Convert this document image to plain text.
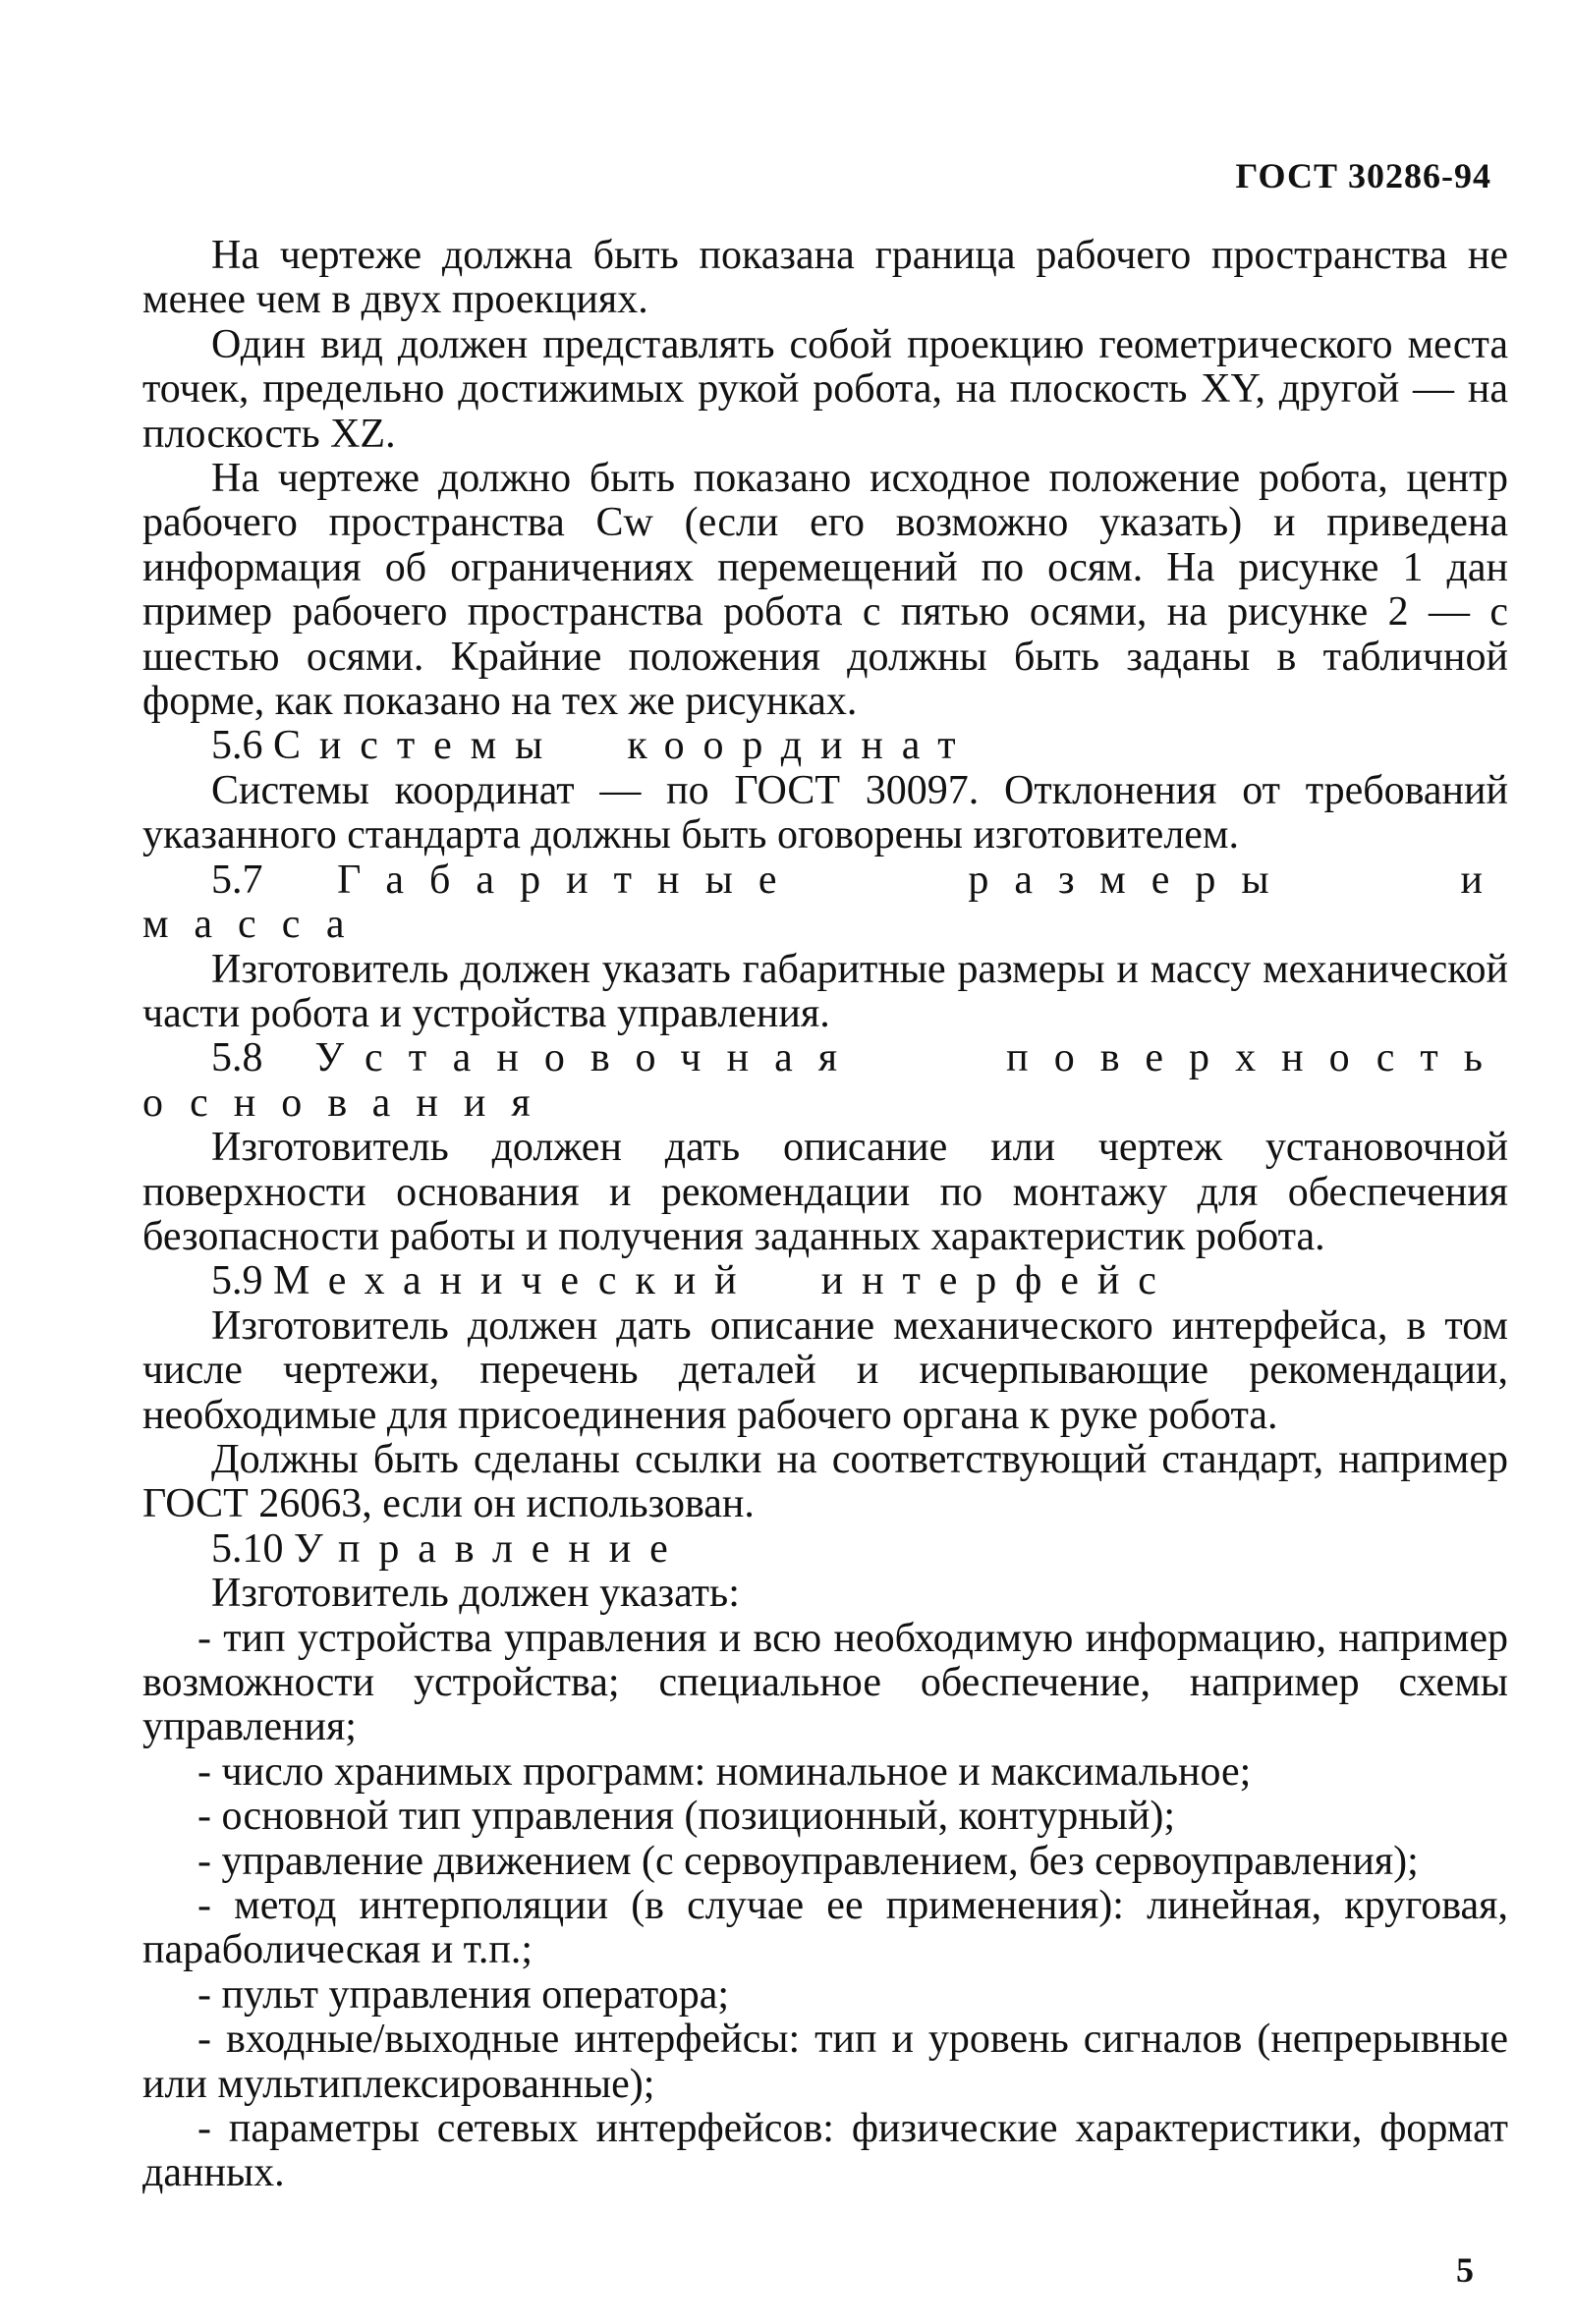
ГОСТ 30286-94

На чертеже должна быть показана граница рабочего пространства не менее чем в двух проекциях.

Один вид должен представлять собой проекцию геометрического места точек, предельно достижимых рукой робота, на плоскость XY, другой — на плоскость XZ.

На чертеже должно быть показано исходное положение робота, центр рабочего пространства Cw (если его возможно указать) и приведена информация об ограничениях перемещений по осям. На рисунке 1 дан пример рабочего пространства робота с пятью осями, на рисунке 2 — с шестью осями. Крайние положения должны быть заданы в табличной форме, как показано на тех же рисунках.

5.6 Системы координат

Системы координат — по ГОСТ 30097. Отклонения от требований указанного стандарта должны быть оговорены изготовителем.

5.7 Габаритные размеры и масса

Изготовитель должен указать габаритные размеры и массу механической части робота и устройства управления.

5.8 Установочная поверхность основания

Изготовитель должен дать описание или чертеж установочной поверхности основания и рекомендации по монтажу для обеспечения безопасности работы и получения заданных характеристик робота.

5.9 Механический интерфейс

Изготовитель должен дать описание механического интерфейса, в том числе чертежи, перечень деталей и исчерпывающие рекомендации, необходимые для присоединения рабочего органа к руке робота.

Должны быть сделаны ссылки на соответствующий стандарт, например ГОСТ 26063, если он использован.

5.10 Управление

Изготовитель должен указать:

- тип устройства управления и всю необходимую информацию, например возможности устройства; специальное обеспечение, например схемы управления;

- число хранимых программ: номинальное и максимальное;

- основной тип управления (позиционный, контурный);

- управление движением (с сервоуправлением, без сервоуправления);

- метод интерполяции (в случае ее применения): линейная, круговая, параболическая и т.п.;

- пульт управления оператора;

- входные/выходные интерфейсы: тип и уровень сигналов (непрерывные или мультиплексированные);

- параметры сетевых интерфейсов: физические характеристики, формат данных.

5
